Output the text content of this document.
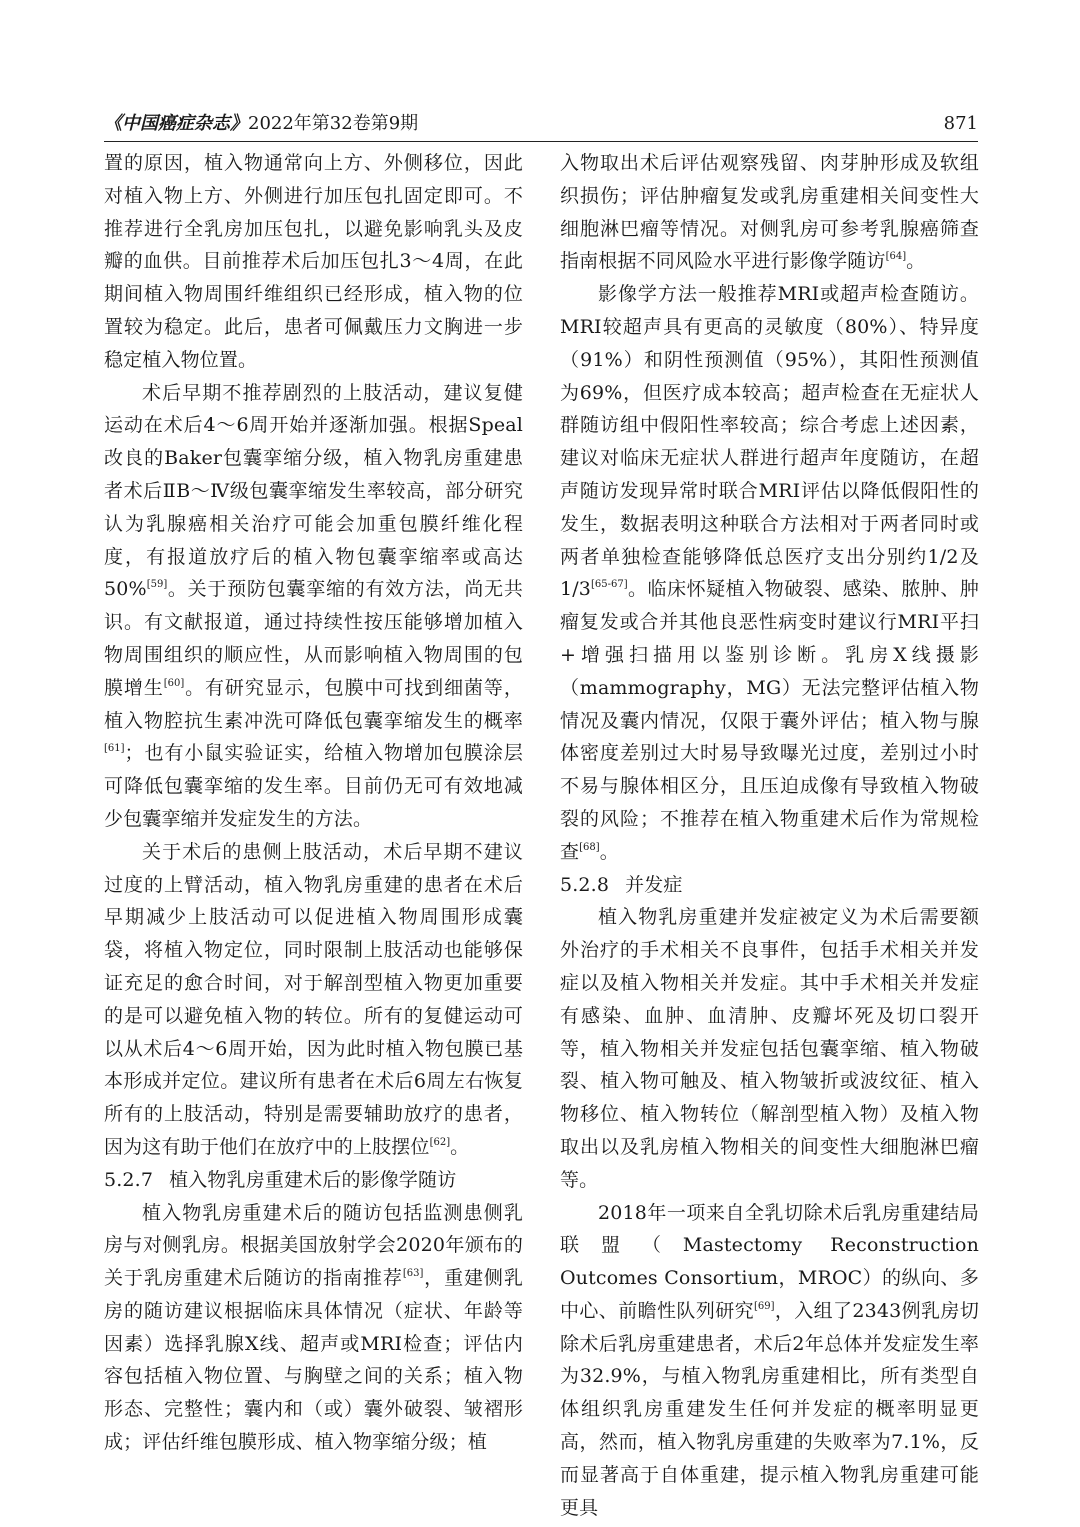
《中国癌症杂志》2022年第32卷第9期	871

置的原因，植入物通常向上方、外侧移位，因此对植入物上方、外侧进行加压包扎固定即可。不推荐进行全乳房加压包扎，以避免影响乳头及皮瓣的血供。目前推荐术后加压包扎3～4周，在此期间植入物周围纤维组织已经形成，植入物的位置较为稳定。此后，患者可佩戴压力文胸进一步稳定植入物位置。

术后早期不推荐剧烈的上肢活动，建议复健运动在术后4～6周开始并逐渐加强。根据Speal改良的Baker包囊挛缩分级，植入物乳房重建患者术后ⅡB～Ⅳ级包囊挛缩发生率较高，部分研究认为乳腺癌相关治疗可能会加重包膜纤维化程度，有报道放疗后的植入物包囊挛缩率或高达50%[59]。关于预防包囊挛缩的有效方法，尚无共识。有文献报道，通过持续性按压能够增加植入物周围组织的顺应性，从而影响植入物周围的包膜增生[60]。有研究显示，包膜中可找到细菌等，植入物腔抗生素冲洗可降低包囊挛缩发生的概率[61]；也有小鼠实验证实，给植入物增加包膜涂层可降低包囊挛缩的发生率。目前仍无可有效地减少包囊挛缩并发症发生的方法。

关于术后的患侧上肢活动，术后早期不建议过度的上臂活动，植入物乳房重建的患者在术后早期减少上肢活动可以促进植入物周围形成囊袋，将植入物定位，同时限制上肢活动也能够保证充足的愈合时间，对于解剖型植入物更加重要的是可以避免植入物的转位。所有的复健运动可以从术后4～6周开始，因为此时植入物包膜已基本形成并定位。建议所有患者在术后6周左右恢复所有的上肢活动，特别是需要辅助放疗的患者，因为这有助于他们在放疗中的上肢摆位[62]。

5.2.7 植入物乳房重建术后的影像学随访

植入物乳房重建术后的随访包括监测患侧乳房与对侧乳房。根据美国放射学会2020年颁布的关于乳房重建术后随访的指南推荐[63]，重建侧乳房的随访建议根据临床具体情况（症状、年龄等因素）选择乳腺X线、超声或MRI检查；评估内容包括植入物位置、与胸壁之间的关系；植入物形态、完整性；囊内和（或）囊外破裂、皱褶形成；评估纤维包膜形成、植入物挛缩分级；植

入物取出术后评估观察残留、肉芽肿形成及软组织损伤；评估肿瘤复发或乳房重建相关间变性大细胞淋巴瘤等情况。对侧乳房可参考乳腺癌筛查指南根据不同风险水平进行影像学随访[64]。

影像学方法一般推荐MRI或超声检查随访。MRI较超声具有更高的灵敏度（80%）、特异度（91%）和阴性预测值（95%），其阳性预测值为69%，但医疗成本较高；超声检查在无症状人群随访组中假阳性率较高；综合考虑上述因素，建议对临床无症状人群进行超声年度随访，在超声随访发现异常时联合MRI评估以降低假阳性的发生，数据表明这种联合方法相对于两者同时或两者单独检查能够降低总医疗支出分别约1/2及1/3[65-67]。临床怀疑植入物破裂、感染、脓肿、肿瘤复发或合并其他良恶性病变时建议行MRI平扫+增强扫描用以鉴别诊断。乳房X线摄影（mammography，MG）无法完整评估植入物情况及囊内情况，仅限于囊外评估；植入物与腺体密度差别过大时易导致曝光过度，差别过小时不易与腺体相区分，且压迫成像有导致植入物破裂的风险；不推荐在植入物重建术后作为常规检查[68]。

5.2.8 并发症

植入物乳房重建并发症被定义为术后需要额外治疗的手术相关不良事件，包括手术相关并发症以及植入物相关并发症。其中手术相关并发症有感染、血肿、血清肿、皮瓣坏死及切口裂开等，植入物相关并发症包括包囊挛缩、植入物破裂、植入物可触及、植入物皱折或波纹征、植入物移位、植入物转位（解剖型植入物）及植入物取出以及乳房植入物相关的间变性大细胞淋巴瘤等。

2018年一项来自全乳切除术后乳房重建结局联盟（Mastectomy Reconstruction Outcomes Consortium，MROC）的纵向、多中心、前瞻性队列研究[69]，入组了2343例乳房切除术后乳房重建患者，术后2年总体并发症发生率为32.9%，与植入物乳房重建相比，所有类型自体组织乳房重建发生任何并发症的概率明显更高，然而，植入物乳房重建的失败率为7.1%，反而显著高于自体重建，提示植入物乳房重建可能更具
